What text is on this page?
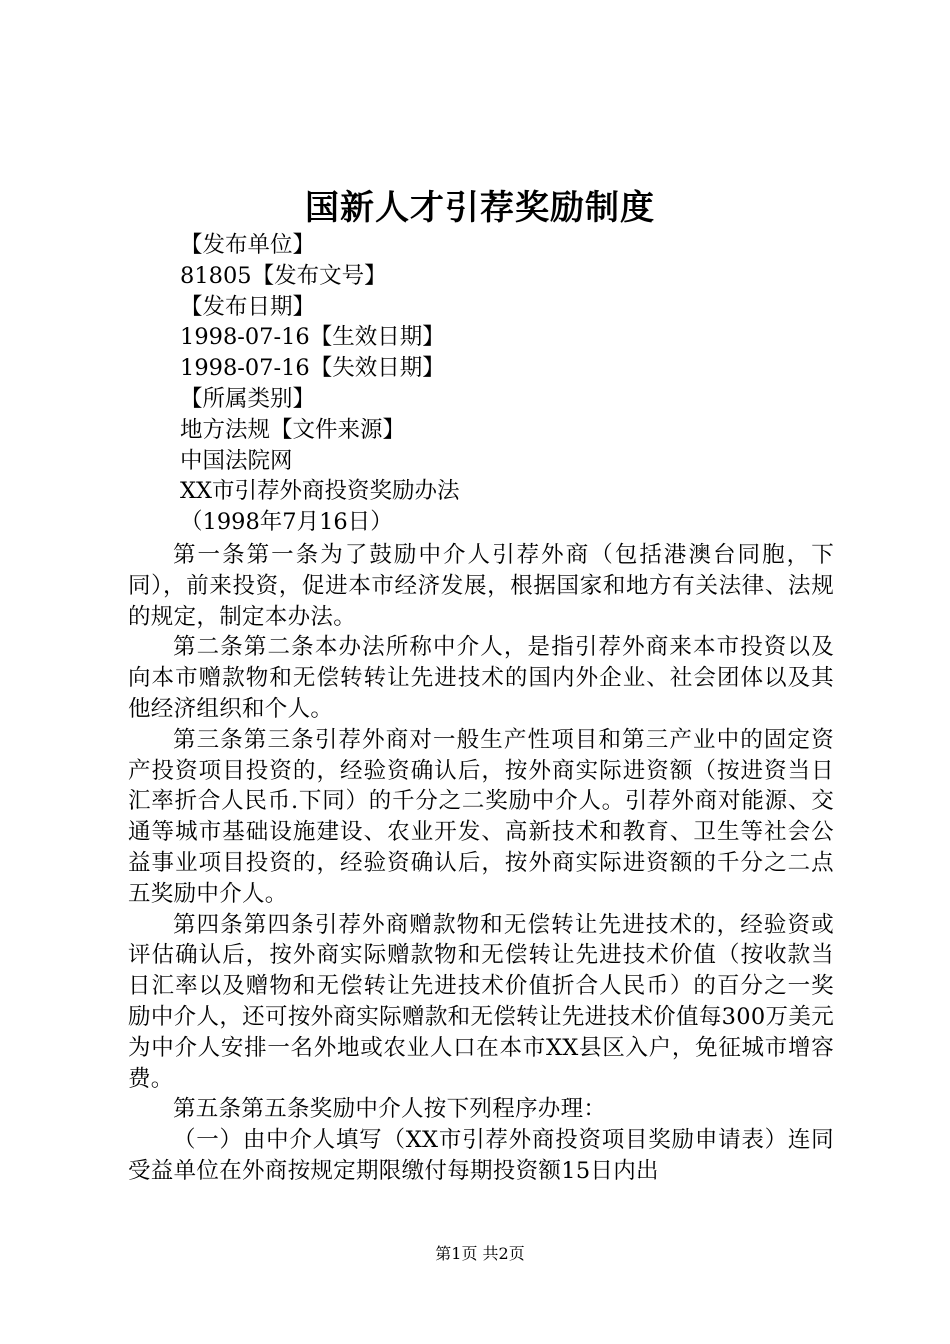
国新人才引荐奖励制度
【发布单位】
81805【发布文号】
【发布日期】
1998-07-16【生效日期】
1998-07-16【失效日期】
【所属类别】
地方法规【文件来源】
中国法院网
XX市引荐外商投资奖励办法
（1998年7月16日）

第一条第一条为了鼓励中介人引荐外商（包括港澳台同胞，下同），前来投资，促进本市经济发展，根据国家和地方有关法律、法规的规定，制定本办法。

第二条第二条本办法所称中介人，是指引荐外商来本市投资以及向本市赠款物和无偿转转让先进技术的国内外企业、社会团体以及其他经济组织和个人。

第三条第三条引荐外商对一般生产性项目和第三产业中的固定资产投资项目投资的，经验资确认后，按外商实际进资额（按进资当日汇率折合人民币.下同）的千分之二奖励中介人。引荐外商对能源、交通等城市基础设施建设、农业开发、高新技术和教育、卫生等社会公益事业项目投资的，经验资确认后，按外商实际进资额的千分之二点五奖励中介人。

第四条第四条引荐外商赠款物和无偿转让先进技术的，经验资或评估确认后，按外商实际赠款物和无偿转让先进技术价值（按收款当日汇率以及赠物和无偿转让先进技术价值折合人民币）的百分之一奖励中介人，还可按外商实际赠款和无偿转让先进技术价值每300万美元为中介人安排一名外地或农业人口在本市XX县区入户，免征城市增容费。

第五条第五条奖励中介人按下列程序办理：

（一）由中介人填写（XX市引荐外商投资项目奖励申请表）连同受益单位在外商按规定期限缴付每期投资额15日内出

第1页 共2页
